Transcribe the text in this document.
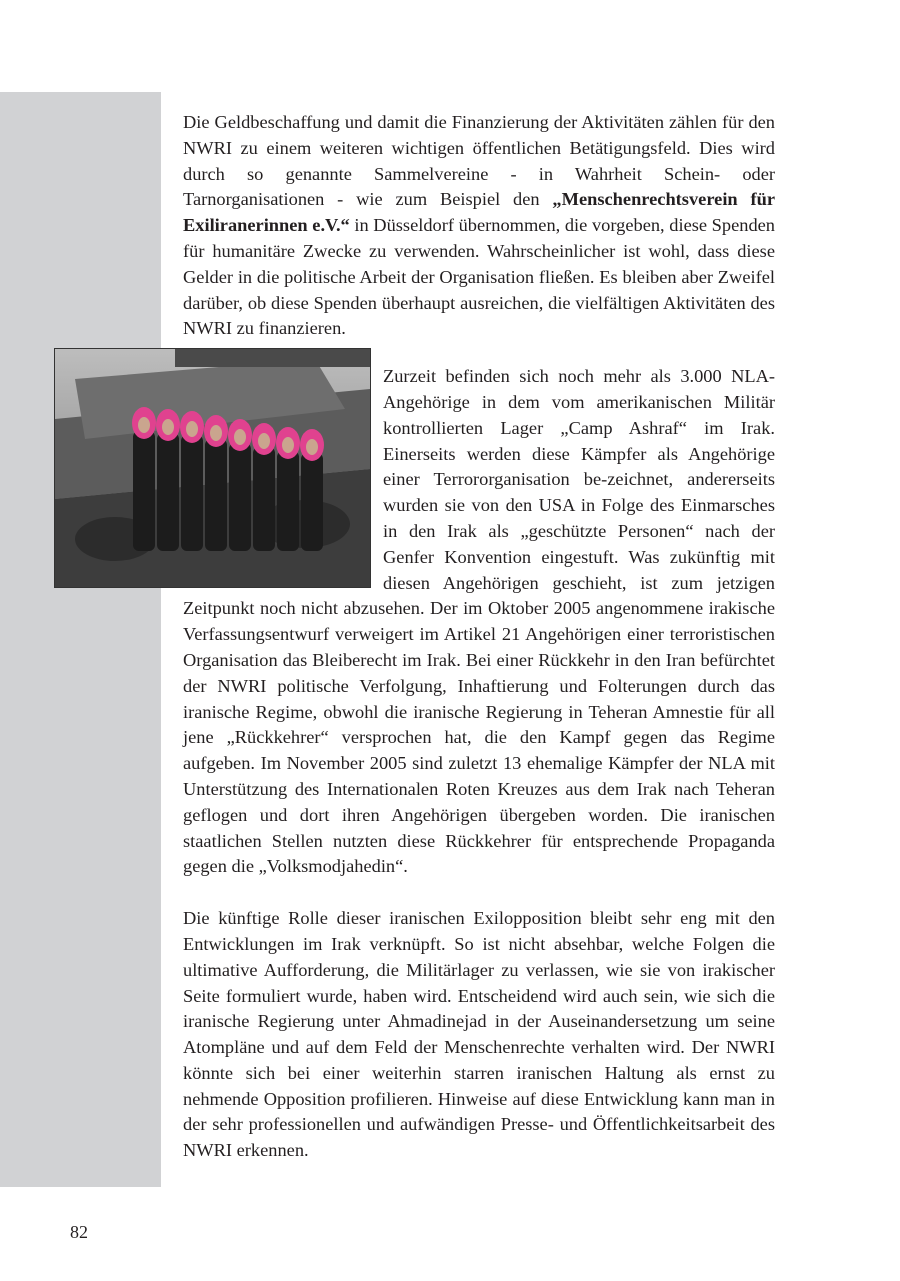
Die Geldbeschaffung und damit die Finanzierung der Aktivitäten zählen für den NWRI zu einem weiteren wichtigen öffentlichen Betätigungsfeld. Dies wird durch so genannte Sammelvereine - in Wahrheit Schein- oder Tarnorganisationen - wie zum Beispiel den „Menschenrechtsverein für Exiliranerinnen e.V.“ in Düsseldorf übernommen, die vorgeben, diese Spenden für humanitäre Zwecke zu verwenden. Wahrscheinlicher ist wohl, dass diese Gelder in die politische Arbeit der Organisation fließen. Es bleiben aber Zweifel darüber, ob diese Spenden überhaupt ausreichen, die vielfältigen Aktivitäten des NWRI zu finanzieren.

Zurzeit befinden sich noch mehr als 3.000 NLA-Angehörige in dem vom amerikanischen Militär kontrollierten Lager „Camp Ashraf“ im Irak. Einerseits werden diese Kämpfer als Angehörige einer Terrororganisation be-zeichnet, andererseits wurden sie von den USA in Folge des Einmarsches in den Irak als „geschützte Personen“ nach der Genfer Konvention eingestuft. Was zukünftig mit diesen Angehörigen geschieht, ist zum jetzigen Zeitpunkt noch nicht abzusehen. Der im Oktober 2005 angenommene irakische Verfassungsentwurf verweigert im Artikel 21 Angehörigen einer terroristischen Organisation das Bleiberecht im Irak. Bei einer Rückkehr in den Iran befürchtet der NWRI politische Verfolgung, Inhaftierung und Folterungen durch das iranische Regime, obwohl die iranische Regierung in Teheran Amnestie für all jene „Rückkehrer“ versprochen hat, die den Kampf gegen das Regime aufgeben. Im November 2005 sind zuletzt 13 ehemalige Kämpfer der NLA mit Unterstützung des Internationalen Roten Kreuzes aus dem Irak nach Teheran geflogen und dort ihren Angehörigen übergeben worden. Die iranischen staatlichen Stellen nutzten diese Rückkehrer für entsprechende Propaganda gegen die „Volksmodjahedin“.

Die künftige Rolle dieser iranischen Exilopposition bleibt sehr eng mit den Entwicklungen im Irak verknüpft. So ist nicht absehbar, welche Folgen die ultimative Aufforderung, die Militärlager zu verlassen, wie sie von irakischer Seite formuliert wurde, haben wird. Entscheidend wird auch sein, wie sich die iranische Regierung unter Ahmadinejad in der Auseinandersetzung um seine Atompläne und auf dem Feld der Menschenrechte verhalten wird. Der NWRI könnte sich bei einer weiterhin starren iranischen Haltung als ernst zu nehmende Opposition profilieren. Hinweise auf diese Entwicklung kann man in der sehr professionellen und aufwändigen Presse- und Öffentlichkeitsarbeit des NWRI erkennen.

82
